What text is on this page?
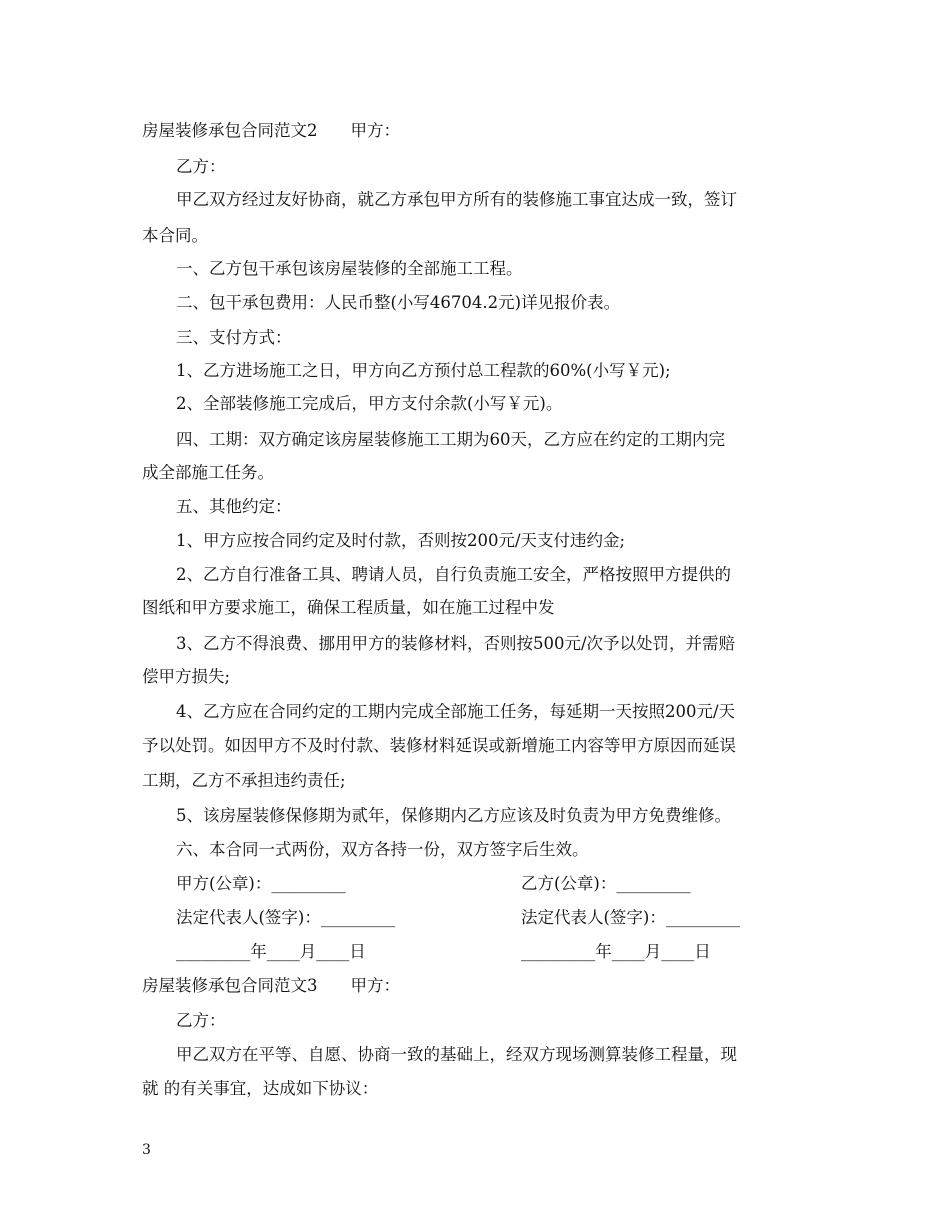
房屋装修承包合同范文2　　甲方：
乙方：
甲乙双方经过友好协商，就乙方承包甲方所有的装修施工事宜达成一致，签订
本合同。
一、乙方包干承包该房屋装修的全部施工工程。
二、包干承包费用：人民币整(小写46704.2元)详见报价表。
三、支付方式：
1、乙方进场施工之日，甲方向乙方预付总工程款的60%(小写￥元);
2、全部装修施工完成后，甲方支付余款(小写￥元)。
四、工期：双方确定该房屋装修施工工期为60天，乙方应在约定的工期内完
成全部施工任务。
五、其他约定：
1、甲方应按合同约定及时付款，否则按200元/天支付违约金;
2、乙方自行准备工具、聘请人员，自行负责施工安全，严格按照甲方提供的
图纸和甲方要求施工，确保工程质量，如在施工过程中发
3、乙方不得浪费、挪用甲方的装修材料，否则按500元/次予以处罚，并需赔
偿甲方损失;
4、乙方应在合同约定的工期内完成全部施工任务，每延期一天按照200元/天
予以处罚。如因甲方不及时付款、装修材料延误或新增施工内容等甲方原因而延误
工期，乙方不承担违约责任;
5、该房屋装修保修期为贰年，保修期内乙方应该及时负责为甲方免费维修。
六、本合同一式两份，双方各持一份，双方签字后生效。
甲方(公章)：_________	乙方(公章)：_________
法定代表人(签字)：_________	法定代表人(签字)：_________
_________年____月____日	_________年____月____日
房屋装修承包合同范文3　　甲方：
乙方：
甲乙双方在平等、自愿、协商一致的基础上，经双方现场测算装修工程量，现
就 的有关事宜，达成如下协议：
3
